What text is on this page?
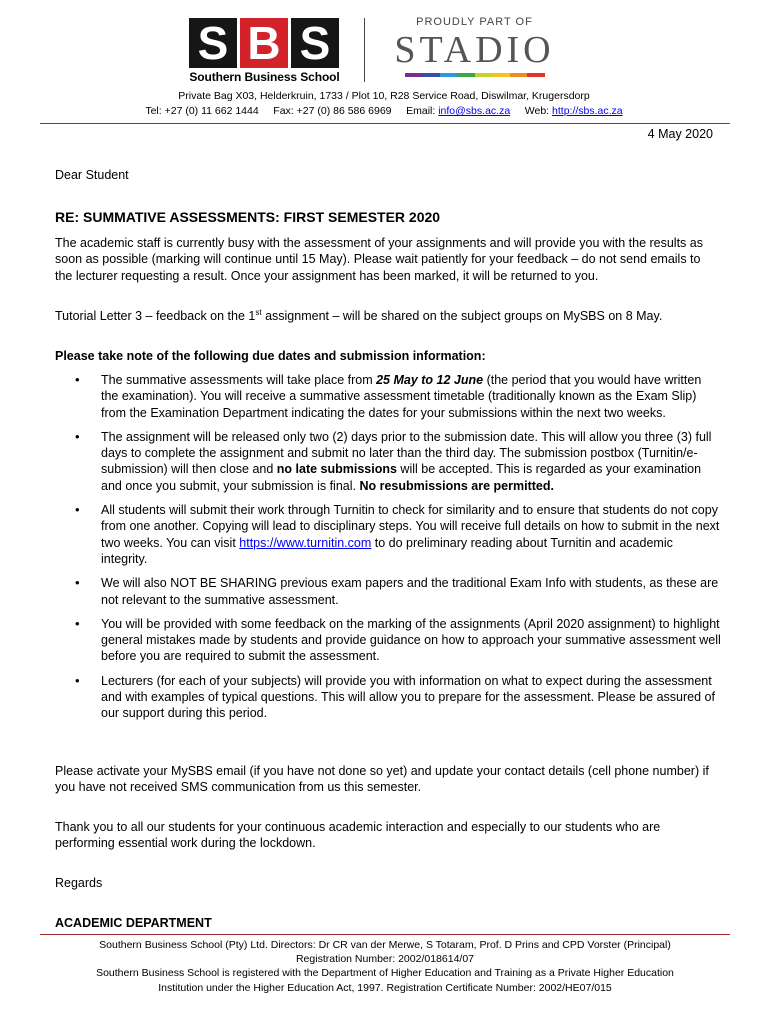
S B S
Southern Business School
PROUDLY PART OF
STADIO
Private Bag X03, Helderkruin, 1733 / Plot 10, R28 Service Road, Diswilmar, Krugersdorp
Tel: +27 (0) 11 662 1444 Fax: +27 (0) 86 586 6969 Email: info@sbs.ac.za Web: http://sbs.ac.za
4 May 2020
Dear Student
RE: SUMMATIVE ASSESSMENTS: FIRST SEMESTER 2020
The academic staff is currently busy with the assessment of your assignments and will provide you with the results as soon as possible (marking will continue until 15 May). Please wait patiently for your feedback – do not send emails to the lecturer requesting a result. Once your assignment has been marked, it will be returned to you.
Tutorial Letter 3 – feedback on the 1st assignment – will be shared on the subject groups on MySBS on 8 May.
Please take note of the following due dates and submission information:
• The summative assessments will take place from 25 May to 12 June (the period that you would have written the examination). You will receive a summative assessment timetable (traditionally known as the Exam Slip) from the Examination Department indicating the dates for your submissions within the next two weeks.
• The assignment will be released only two (2) days prior to the submission date. This will allow you three (3) full days to complete the assignment and submit no later than the third day. The submission postbox (Turnitin/e-submission) will then close and no late submissions will be accepted. This is regarded as your examination and once you submit, your submission is final. No resubmissions are permitted.
• All students will submit their work through Turnitin to check for similarity and to ensure that students do not copy from one another. Copying will lead to disciplinary steps. You will receive full details on how to submit in the next two weeks. You can visit https://www.turnitin.com to do preliminary reading about Turnitin and academic integrity.
• We will also NOT BE SHARING previous exam papers and the traditional Exam Info with students, as these are not relevant to the summative assessment.
• You will be provided with some feedback on the marking of the assignments (April 2020 assignment) to highlight general mistakes made by students and provide guidance on how to approach your summative assessment well before you are required to submit the assessment.
• Lecturers (for each of your subjects) will provide you with information on what to expect during the assessment and with examples of typical questions. This will allow you to prepare for the assessment. Please be assured of our support during this period.
Please activate your MySBS email (if you have not done so yet) and update your contact details (cell phone number) if you have not received SMS communication from us this semester.
Thank you to all our students for your continuous academic interaction and especially to our students who are performing essential work during the lockdown.
Regards
ACADEMIC DEPARTMENT
Southern Business School (Pty) Ltd. Directors: Dr CR van der Merwe, S Totaram, Prof. D Prins and CPD Vorster (Principal)
Registration Number: 2002/018614/07
Southern Business School is registered with the Department of Higher Education and Training as a Private Higher Education
Institution under the Higher Education Act, 1997. Registration Certificate Number: 2002/HE07/015
